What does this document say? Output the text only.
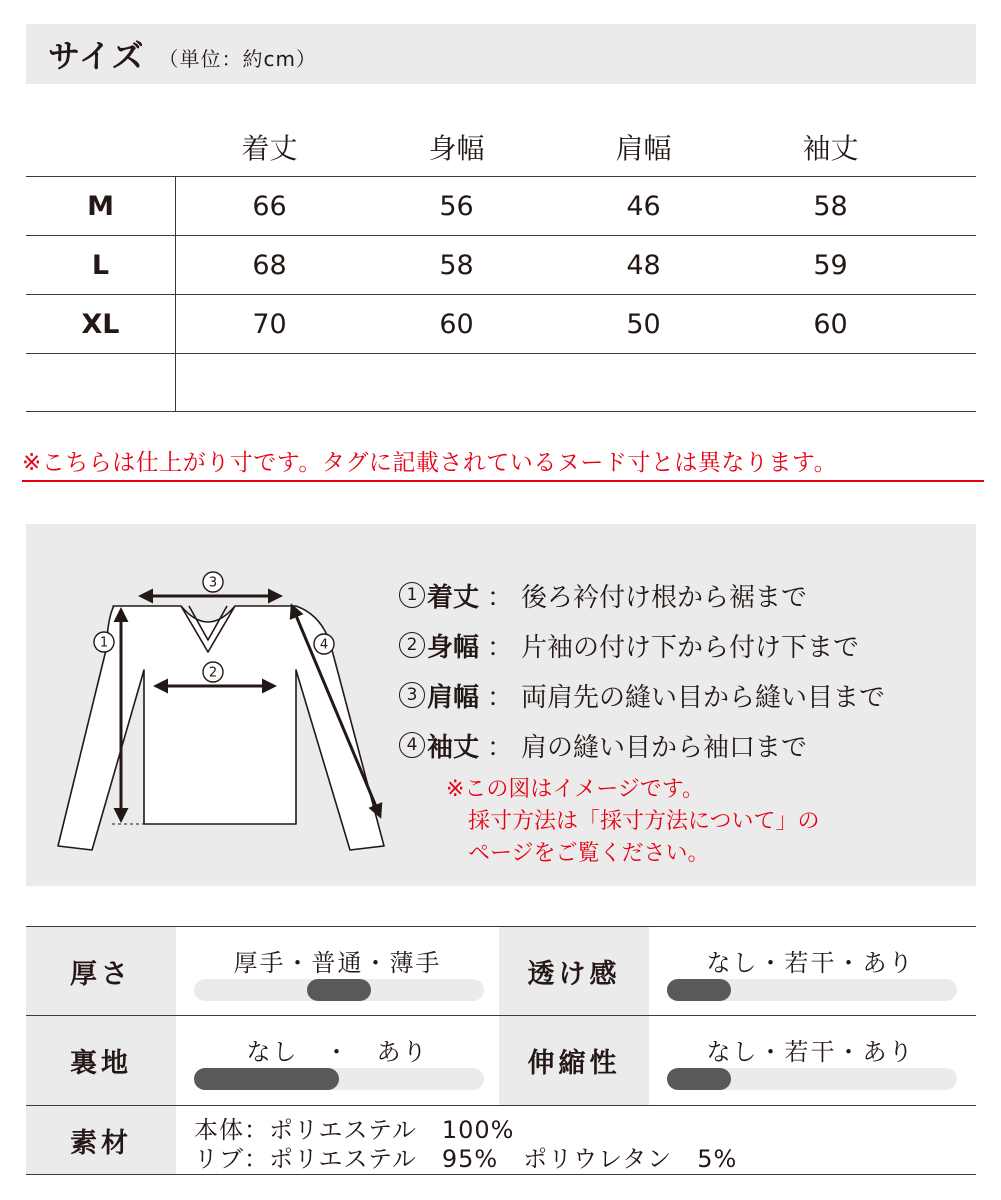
サイズ （単位：約cm）
着丈	身幅	肩幅	袖丈
M	66	56	46	58
L	68	58	48	59
XL	70	60	50	60
※こちらは仕上がり寸です。タグに記載されているヌード寸とは異なります。
1
2
3
4
1 着丈 ： 後ろ衿付け根から裾まで
2 身幅 ： 片袖の付け下から付け下まで
3 肩幅 ： 両肩先の縫い目から縫い目まで
4 袖丈 ： 肩の縫い目から袖口まで
※この図はイメージです。
採寸方法は「採寸方法について」の
ページをご覧ください。
厚さ	厚手・普通・薄手	透け感	なし・若干・あり
裏地	なし　・　あり	伸縮性	なし・若干・あり
素材	本体：ポリエステル　100%
リブ：ポリエステル　95%　ポリウレタン　5%
